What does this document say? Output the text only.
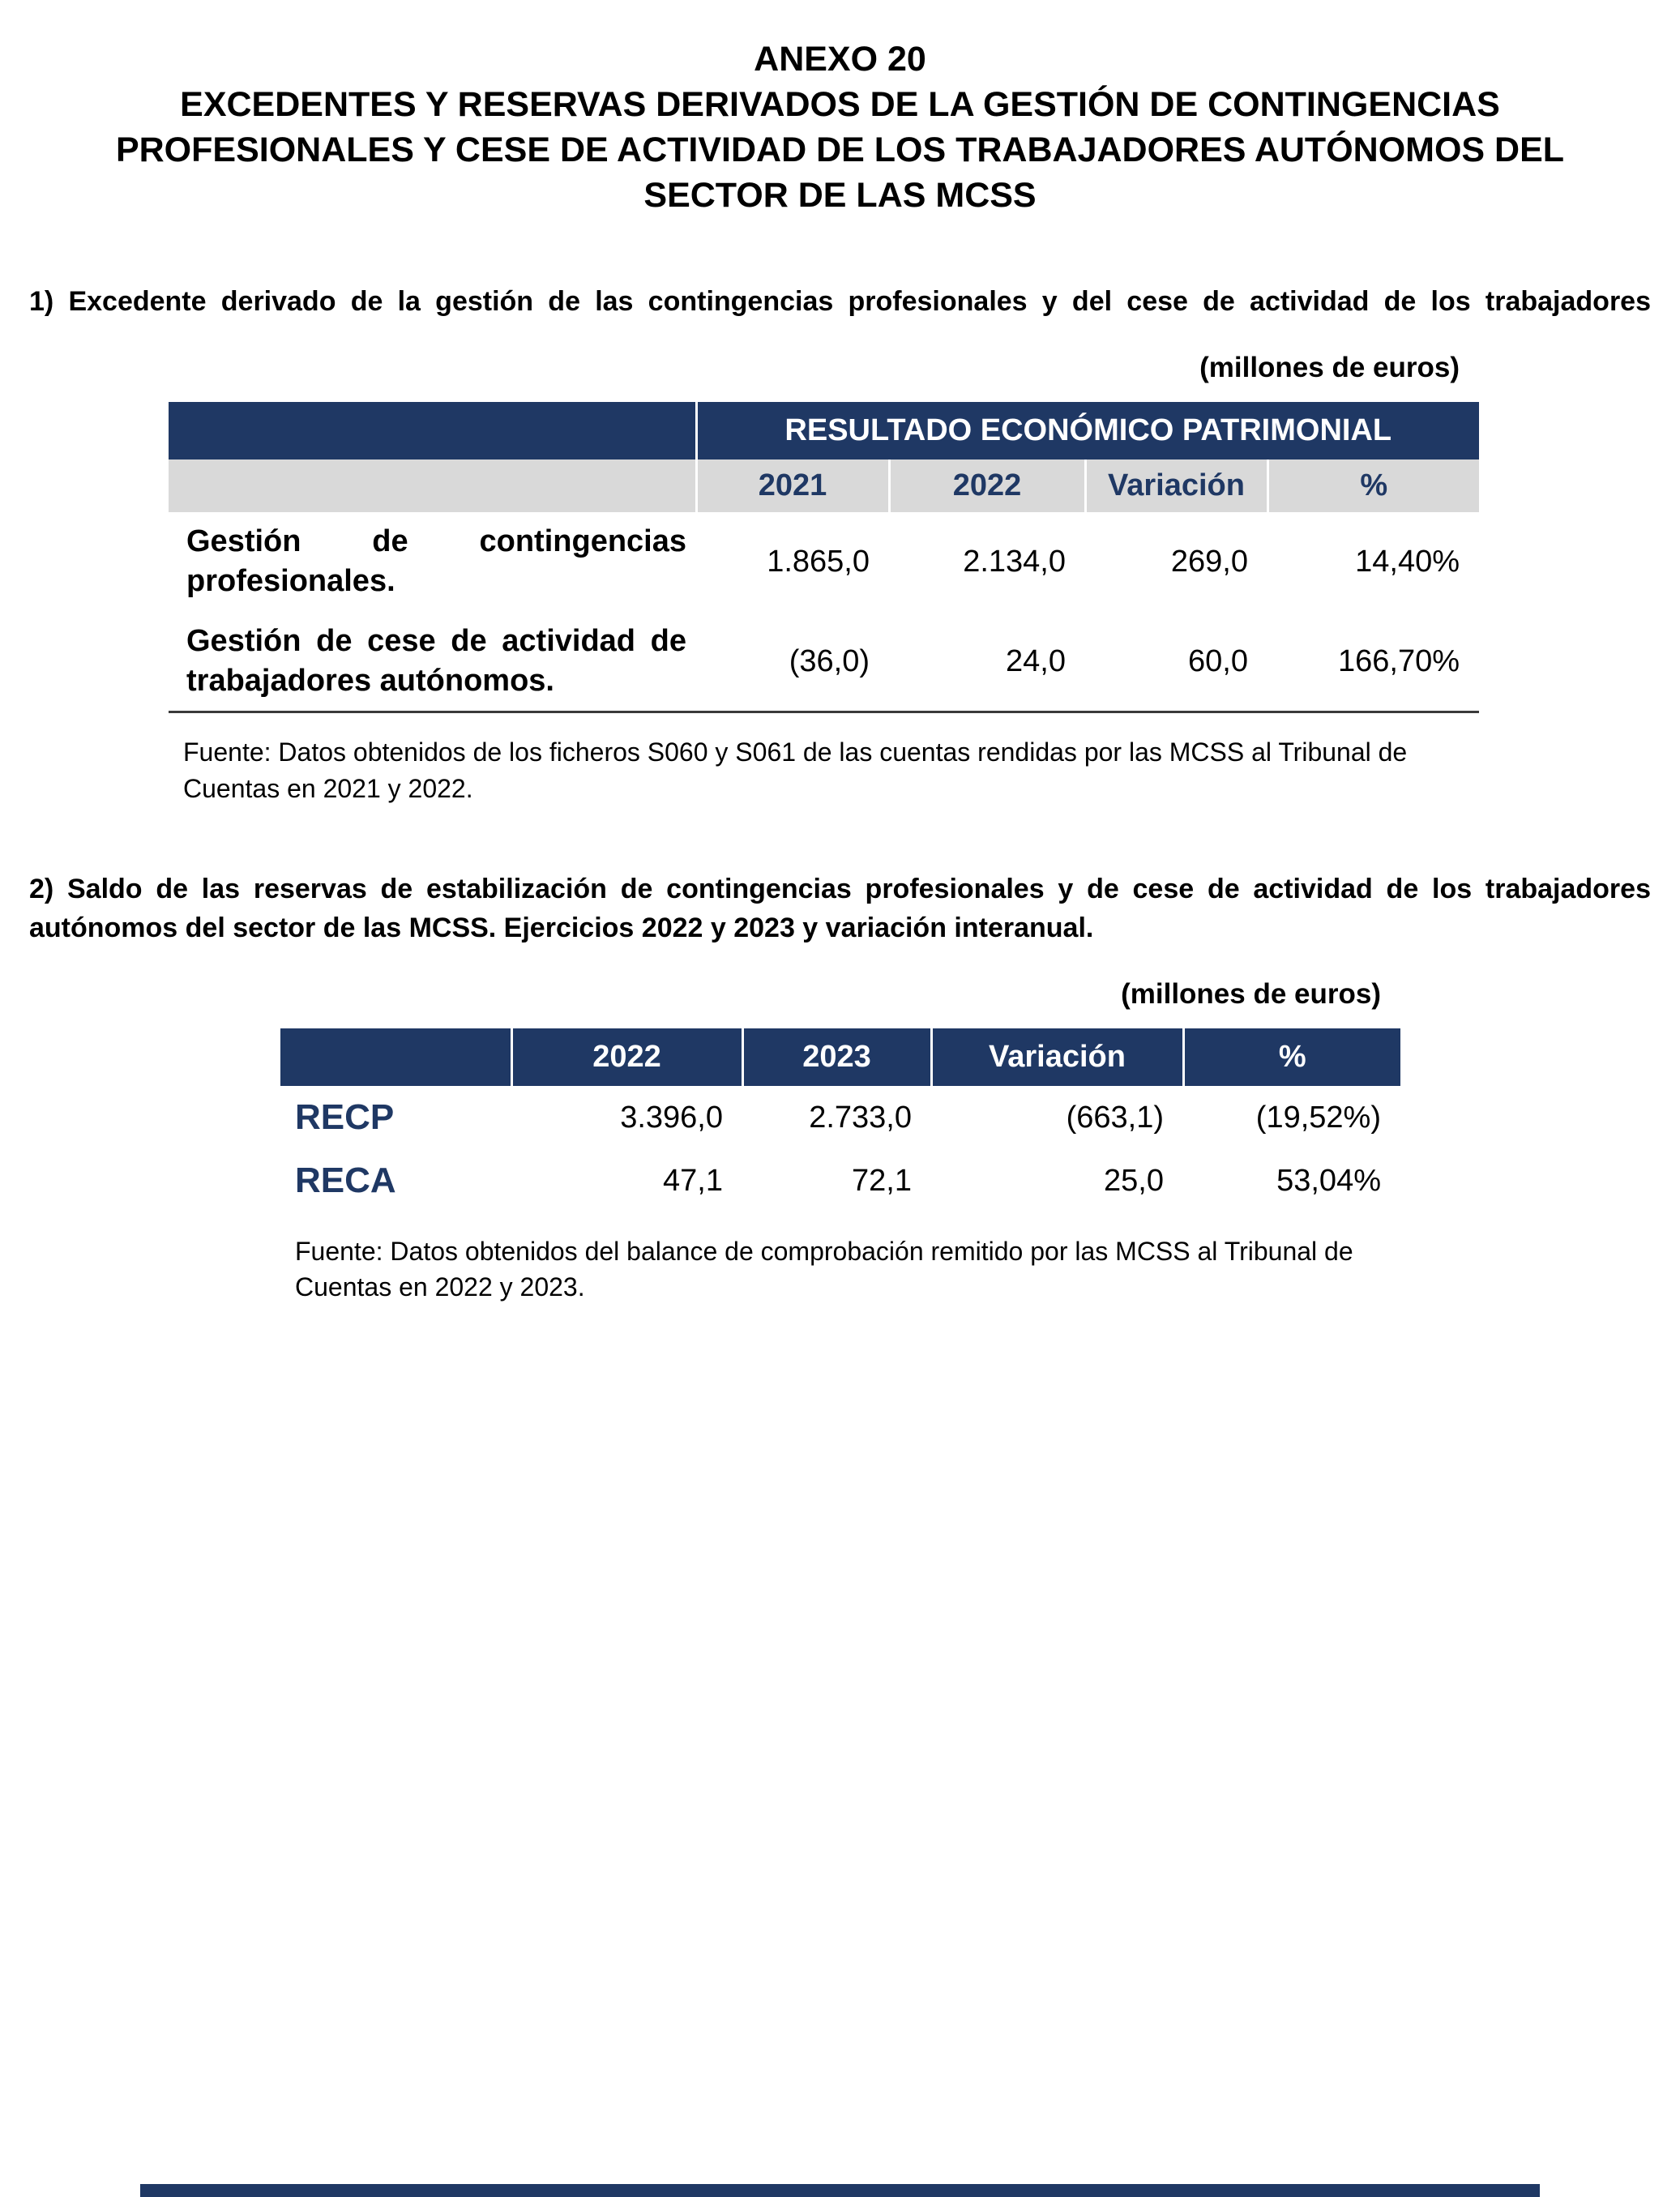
ANEXO 20
EXCEDENTES Y RESERVAS DERIVADOS DE LA GESTIÓN DE CONTINGENCIAS PROFESIONALES Y CESE DE ACTIVIDAD DE LOS TRABAJADORES AUTÓNOMOS DEL SECTOR DE LAS MCSS

1) Excedente derivado de la gestión de las contingencias profesionales y del cese de actividad de los trabajadores

(millones de euros)
	RESULTADO ECONÓMICO PATRIMONIAL			
	2021	2022	Variación	%
Gestión de contingencias profesionales.	1.865,0	2.134,0	269,0	14,40%
Gestión de cese de actividad de trabajadores autónomos.	(36,0)	24,0	60,0	166,70%

Fuente: Datos obtenidos de los ficheros S060 y S061 de las cuentas rendidas por las MCSS al Tribunal de Cuentas en 2021 y 2022.

2) Saldo de las reservas de estabilización de contingencias profesionales y de cese de actividad de los trabajadores autónomos del sector de las MCSS. Ejercicios 2022 y 2023 y variación interanual.

(millones de euros)
	2022	2023	Variación	%
RECP	3.396,0	2.733,0	(663,1)	(19,52%)
RECA	47,1	72,1	25,0	53,04%

Fuente: Datos obtenidos del balance de comprobación remitido por las MCSS al Tribunal de Cuentas en 2022 y 2023.
